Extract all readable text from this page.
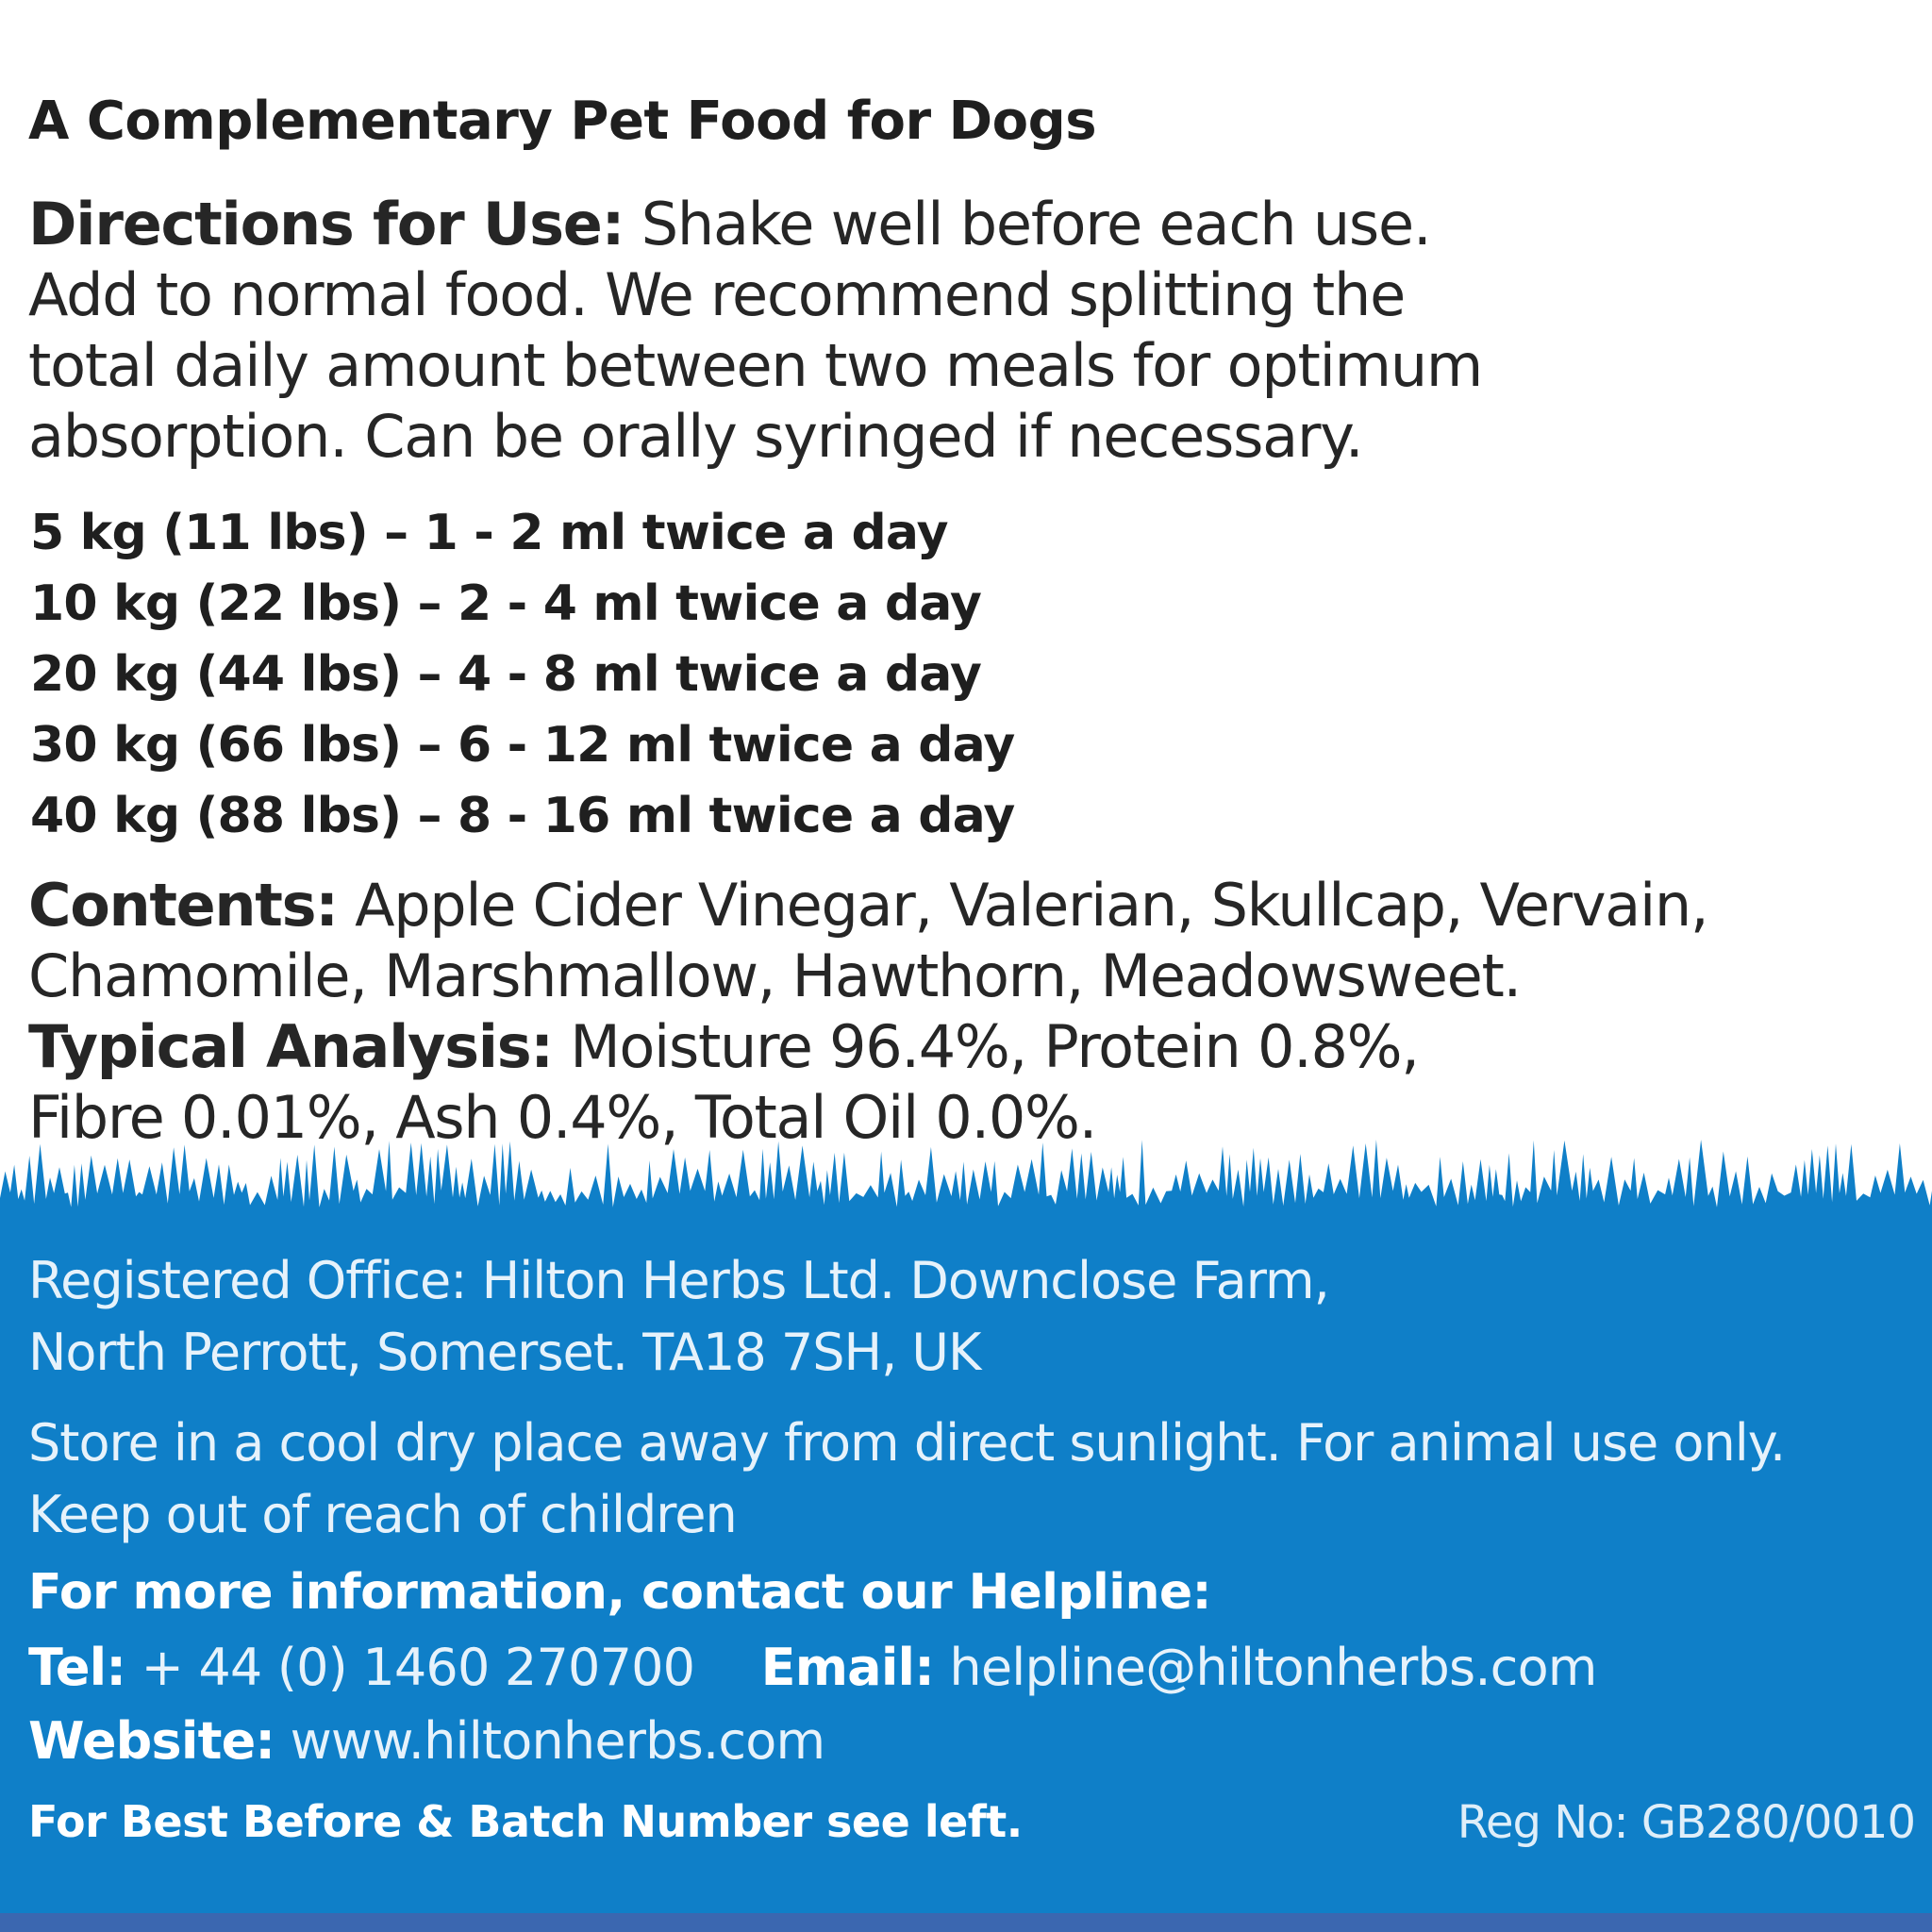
A Complementary Pet Food for Dogs

Directions for Use: Shake well before each use.

Add to normal food. We recommend splitting the

total daily amount between two meals for optimum

absorption. Can be orally syringed if necessary.

5 kg (11 lbs) – 1 - 2 ml twice a day
10 kg (22 lbs) – 2 - 4 ml twice a day
20 kg (44 lbs) – 4 - 8 ml twice a day
30 kg (66 lbs) – 6 - 12 ml twice a day
40 kg (88 lbs) – 8 - 16 ml twice a day

Contents: Apple Cider Vinegar, Valerian, Skullcap, Vervain,

Chamomile, Marshmallow, Hawthorn, Meadowsweet.

Typical Analysis: Moisture 96.4%, Protein 0.8%,

Fibre 0.01%, Ash 0.4%, Total Oil 0.0%.

Registered Office: Hilton Herbs Ltd. Downclose Farm,

North Perrott, Somerset. TA18 7SH, UK

Store in a cool dry place away from direct sunlight. For animal use only.

Keep out of reach of children

For more information, contact our Helpline:
Tel: + 44 (0) 1460 270700 Email: helpline@hiltonherbs.com
Website: www.hiltonherbs.com
For Best Before & Batch Number see left.	Reg No: GB280/0010
